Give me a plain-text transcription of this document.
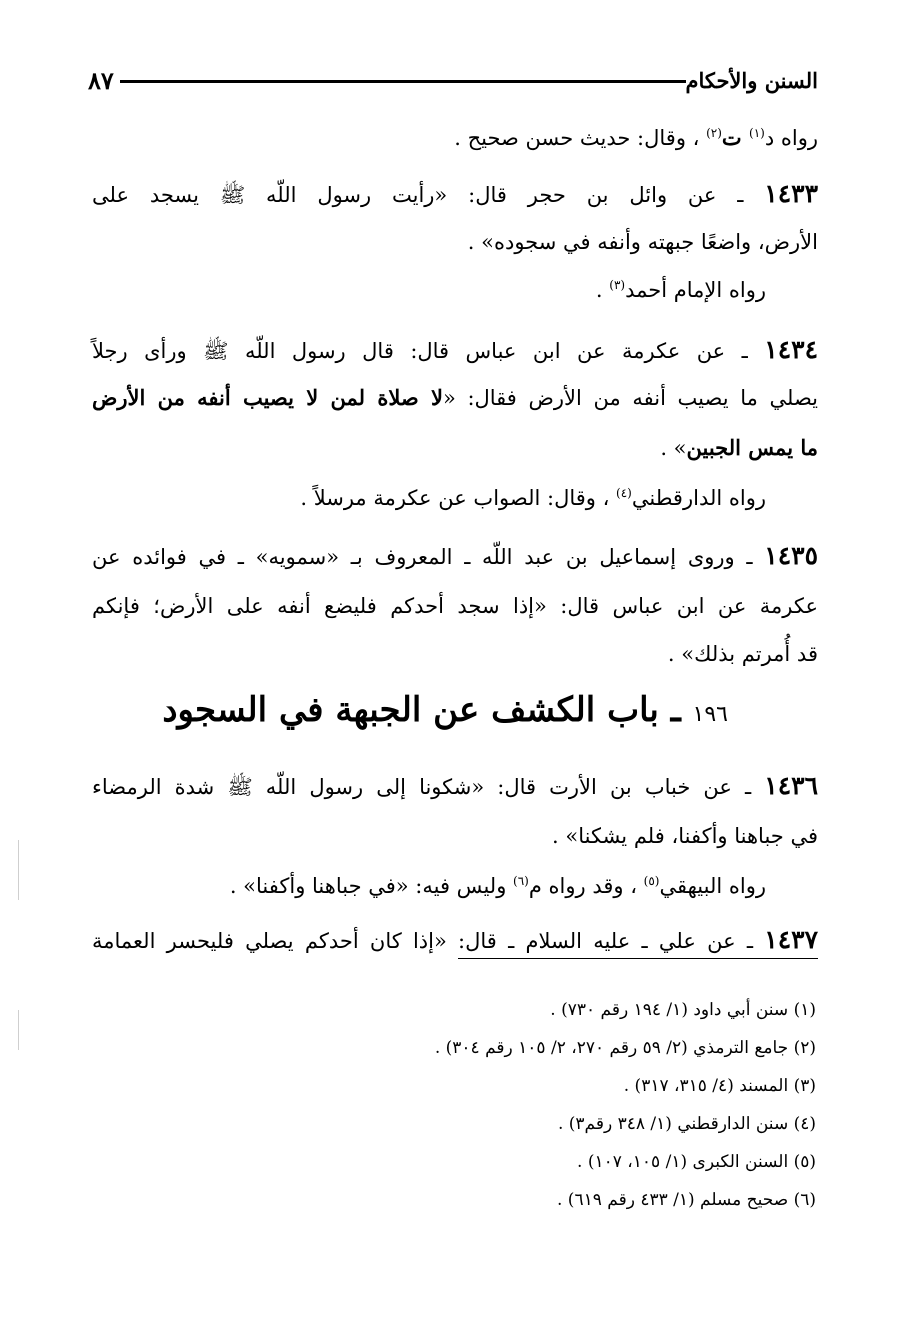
السنن والأحكام
٨٧
رواه د$^{(١)}$ ت$^{(٢)}$ ، وقال: حديث حسن صحيح .
١٤٣٣ ـ عن وائل بن حجر قال: «رأيت رسول اللّه ﷺ يسجد على
الأرض، واضعًا جبهته وأنفه في سجوده» .
رواه الإمام أحمد$^{(٣)}$ .
١٤٣٤ ـ عن عكرمة عن ابن عباس قال: قال رسول اللّه ﷺ ورأى رجلاً
يصلي ما يصيب أنفه من الأرض فقال: «لا صلاة لمن لا يصيب أنفه من الأرض
ما يمس الجبين» .
رواه الدارقطني$^{(٤)}$ ، وقال: الصواب عن عكرمة مرسلاً .
١٤٣٥ ـ وروى إسماعيل بن عبد اللّه ـ المعروف بـ «سمويه» ـ في فوائده عن
عكرمة عن ابن عباس قال: «إذا سجد أحدكم فليضع أنفه على الأرض؛ فإنكم
قد أُمرتم بذلك» .
١٩٦ ـ باب الكشف عن الجبهة في السجود
١٤٣٦ ـ عن خباب بن الأرت قال: «شكونا إلى رسول اللّه ﷺ شدة الرمضاء
في جباهنا وأكفنا، فلم يشكنا» .
رواه البيهقي$^{(٥)}$ ، وقد رواه م$^{(٦)}$ وليس فيه: «في جباهنا وأكفنا» .
١٤٣٧ ـ عن علي ـ عليه السلام ـ قال: «إذا كان أحدكم يصلي فليحسر العمامة
(١) سنن أبي داود (١/ ١٩٤ رقم ٧٣٠) .
(٢) جامع الترمذي (٢/ ٥٩ رقم ٢٧٠، ٢/ ١٠٥ رقم ٣٠٤) .
(٣) المسند (٤/ ٣١٥، ٣١٧) .
(٤) سنن الدارقطني (١/ ٣٤٨ رقم٣) .
(٥) السنن الكبرى (١/ ١٠٥، ١٠٧) .
(٦) صحيح مسلم (١/ ٤٣٣ رقم ٦١٩) .
